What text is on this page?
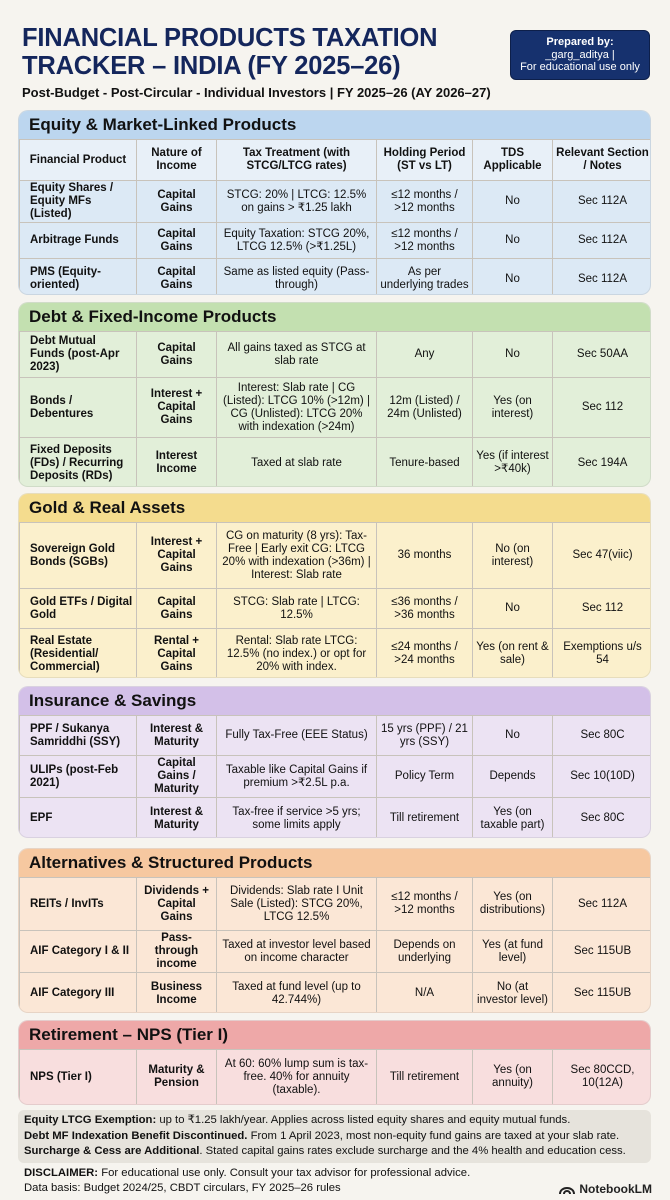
FINANCIAL PRODUCTS TAXATION
TRACKER – INDIA (FY 2025–26)
Post-Budget - Post-Circular - Individual Investors | FY 2025–26 (AY 2026–27)
Prepared by:
_garg_aditya |
For educational use only
Equity & Market-Linked Products
Financial Product	Nature of Income	Tax Treatment (with STCG/LTCG rates)	Holding Period (ST vs LT)	TDS Applicable	Relevant Section / Notes
Equity Shares / Equity MFs (Listed)	Capital Gains	STCG: 20% | LTCG: 12.5% on gains > ₹1.25 lakh	≤12 months / >12 months	No	Sec 112A
Arbitrage Funds	Capital Gains	Equity Taxation: STCG 20%, LTCG 12.5% (>₹1.25L)	≤12 months / >12 months	No	Sec 112A
PMS (Equity-oriented)	Capital Gains	Same as listed equity (Pass-through)	As per underlying trades	No	Sec 112A
Debt & Fixed-Income Products
Debt Mutual Funds (post-Apr 2023)	Capital Gains	All gains taxed as STCG at slab rate	Any	No	Sec 50AA
Bonds / Debentures	Interest + Capital Gains	Interest: Slab rate | CG (Listed): LTCG 10% (>12m) | CG (Unlisted): LTCG 20% with indexation (>24m)	12m (Listed) / 24m (Unlisted)	Yes (on interest)	Sec 112
Fixed Deposits (FDs) / Recurring Deposits (RDs)	Interest Income	Taxed at slab rate	Tenure-based	Yes (if interest >₹40k)	Sec 194A
Gold & Real Assets
Sovereign Gold Bonds (SGBs)	Interest + Capital Gains	CG on maturity (8 yrs): Tax-Free | Early exit CG: LTCG 20% with indexation (>36m) | Interest: Slab rate	36 months	No (on interest)	Sec 47(viic)
Gold ETFs / Digital Gold	Capital Gains	STCG: Slab rate | LTCG: 12.5%	≤36 months / >36 months	No	Sec 112
Real Estate (Residential/ Commercial)	Rental + Capital Gains	Rental: Slab rate LTCG: 12.5% (no index.) or opt for 20% with index.	≤24 months / >24 months	Yes (on rent & sale)	Exemptions u/s 54
Insurance & Savings
PPF / Sukanya Samriddhi (SSY)	Interest & Maturity	Fully Tax-Free (EEE Status)	15 yrs (PPF) / 21 yrs (SSY)	No	Sec 80C
ULIPs (post-Feb 2021)	Capital Gains / Maturity	Taxable like Capital Gains if premium >₹2.5L p.a.	Policy Term	Depends	Sec 10(10D)
EPF	Interest & Maturity	Tax-free if service >5 yrs; some limits apply	Till retirement	Yes (on taxable part)	Sec 80C
Alternatives & Structured Products
REITs / InvITs	Dividends + Capital Gains	Dividends: Slab rate I Unit Sale (Listed): STCG 20%, LTCG 12.5%	≤12 months / >12 months	Yes (on distributions)	Sec 112A
AIF Category I & II	Pass-through income	Taxed at investor level based on income character	Depends on underlying	Yes (at fund level)	Sec 115UB
AIF Category III	Business Income	Taxed at fund level (up to 42.744%)	N/A	No (at investor level)	Sec 115UB
Retirement – NPS (Tier I)
NPS (Tier I)	Maturity & Pension	At 60: 60% lump sum is tax-free. 40% for annuity (taxable).	Till retirement	Yes (on annuity)	Sec 80CCD, 10(12A)
Equity LTCG Exemption: up to ₹1.25 lakh/year. Applies across listed equity shares and equity mutual funds.
Debt MF Indexation Benefit Discontinued. From 1 April 2023, most non-equity fund gains are taxed at your slab rate.
Surcharge & Cess are Additional. Stated capital gains rates exclude surcharge and the 4% health and education cess.
DISCLAIMER: For educational use only. Consult your tax advisor for professional advice.
Data basis: Budget 2024/25, CBDT circulars, FY 2025–26 rules	NotebookLM
